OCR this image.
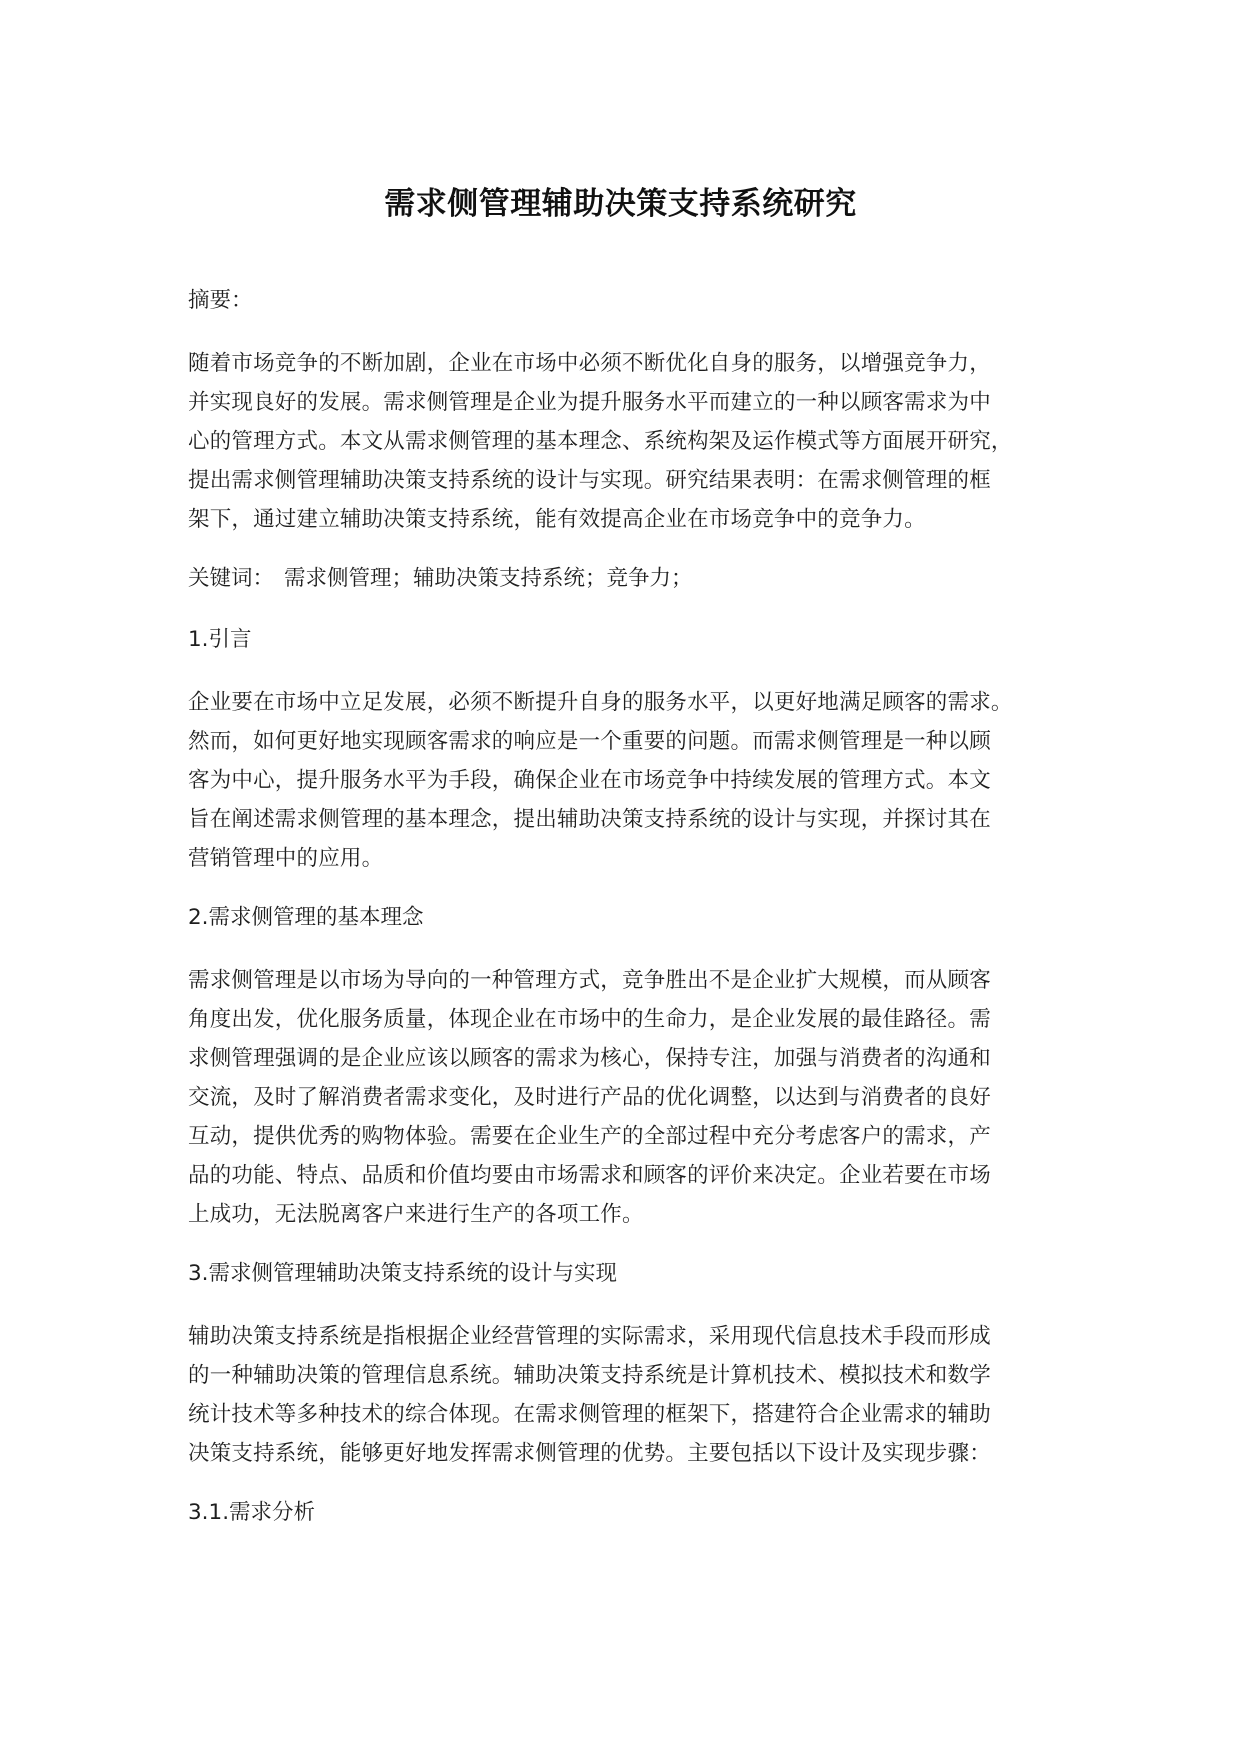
需求侧管理辅助决策支持系统研究
摘要：
随着市场竞争的不断加剧，企业在市场中必须不断优化自身的服务，以增强竞争力，
并实现良好的发展。需求侧管理是企业为提升服务水平而建立的一种以顾客需求为中
心的管理方式。本文从需求侧管理的基本理念、系统构架及运作模式等方面展开研究，
提出需求侧管理辅助决策支持系统的设计与实现。研究结果表明：在需求侧管理的框
架下，通过建立辅助决策支持系统，能有效提高企业在市场竞争中的竞争力。
关键词： 需求侧管理；辅助决策支持系统；竞争力；
1.引言
企业要在市场中立足发展，必须不断提升自身的服务水平，以更好地满足顾客的需求。
然而，如何更好地实现顾客需求的响应是一个重要的问题。而需求侧管理是一种以顾
客为中心，提升服务水平为手段，确保企业在市场竞争中持续发展的管理方式。本文
旨在阐述需求侧管理的基本理念，提出辅助决策支持系统的设计与实现，并探讨其在
营销管理中的应用。
2.需求侧管理的基本理念
需求侧管理是以市场为导向的一种管理方式，竞争胜出不是企业扩大规模，而从顾客
角度出发，优化服务质量，体现企业在市场中的生命力，是企业发展的最佳路径。需
求侧管理强调的是企业应该以顾客的需求为核心，保持专注，加强与消费者的沟通和
交流，及时了解消费者需求变化，及时进行产品的优化调整，以达到与消费者的良好
互动，提供优秀的购物体验。需要在企业生产的全部过程中充分考虑客户的需求，产
品的功能、特点、品质和价值均要由市场需求和顾客的评价来决定。企业若要在市场
上成功，无法脱离客户来进行生产的各项工作。
3.需求侧管理辅助决策支持系统的设计与实现
辅助决策支持系统是指根据企业经营管理的实际需求，采用现代信息技术手段而形成
的一种辅助决策的管理信息系统。辅助决策支持系统是计算机技术、模拟技术和数学
统计技术等多种技术的综合体现。在需求侧管理的框架下，搭建符合企业需求的辅助
决策支持系统，能够更好地发挥需求侧管理的优势。主要包括以下设计及实现步骤：
3.1.需求分析
